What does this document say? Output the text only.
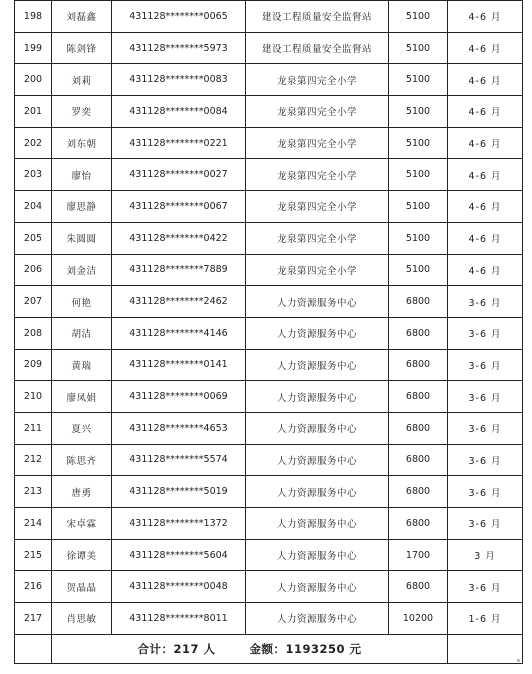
198	刘磊鑫	431128********0065	建设工程质量安全监督站	5100	4-6 月
199	陈剑锋	431128********5973	建设工程质量安全监督站	5100	4-6 月
200	刘莉	431128********0083	龙泉第四完全小学	5100	4-6 月
201	罗奕	431128********0084	龙泉第四完全小学	5100	4-6 月
202	刘东朝	431128********0221	龙泉第四完全小学	5100	4-6 月
203	廖怡	431128********0027	龙泉第四完全小学	5100	4-6 月
204	廖思静	431128********0067	龙泉第四完全小学	5100	4-6 月
205	朱圆圆	431128********0422	龙泉第四完全小学	5100	4-6 月
206	刘金洁	431128********7889	龙泉第四完全小学	5100	4-6 月
207	何艳	431128********2462	人力资源服务中心	6800	3-6 月
208	胡洁	431128********4146	人力资源服务中心	6800	3-6 月
209	黄瑞	431128********0141	人力资源服务中心	6800	3-6 月
210	廖凤娟	431128********0069	人力资源服务中心	6800	3-6 月
211	夏兴	431128********4653	人力资源服务中心	6800	3-6 月
212	陈思齐	431128********5574	人力资源服务中心	6800	3-6 月
213	唐勇	431128********5019	人力资源服务中心	6800	3-6 月
214	宋卓霖	431128********1372	人力资源服务中心	6800	3-6 月
215	徐谭美	431128********5604	人力资源服务中心	1700	3 月
216	贺晶晶	431128********0048	人力资源服务中心	6800	3-6 月
217	肖思敏	431128********8011	人力资源服务中心	10200	1-6 月
	合计：217 人 金额：1193250 元				
